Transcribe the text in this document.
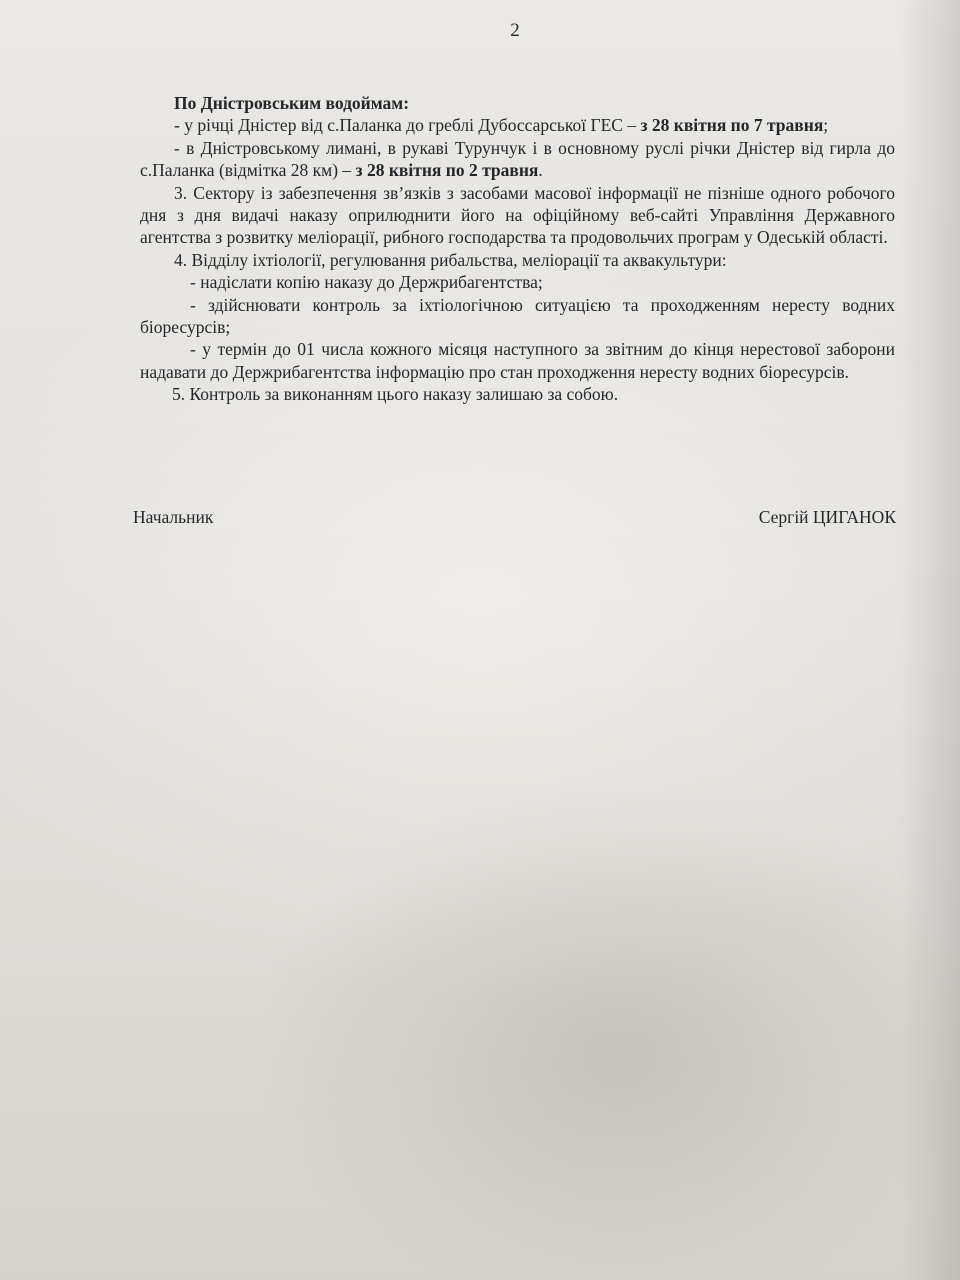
2

По Дністровським водоймам:

- у річці Дністер від с.Паланка до греблі Дубоссарської ГЕС – з 28 квітня по 7 травня;

- в Дністровському лимані, в рукаві Турунчук і в основному руслі річки Дністер від гирла до с.Паланка (відмітка 28 км) – з 28 квітня по 2 травня.

3. Сектору із забезпечення зв’язків з засобами масової інформації не пізніше одного робочого дня з дня видачі наказу оприлюднити його на офіційному веб-сайті Управління Державного агентства з розвитку меліорації, рибного господарства та продовольчих програм у Одеській області.

4. Відділу іхтіології, регулювання рибальства, меліорації та аквакультури:

- надіслати копію наказу до Держрибагентства;

- здійснювати контроль за іхтіологічною ситуацією та проходженням нересту водних біоресурсів;

- у термін до 01 числа кожного місяця наступного за звітним до кінця нерестової заборони надавати до Держрибагентства інформацію про стан проходження нересту водних біоресурсів.

5. Контроль за виконанням цього наказу залишаю за собою.

Начальник	Сергій ЦИГАНОК
